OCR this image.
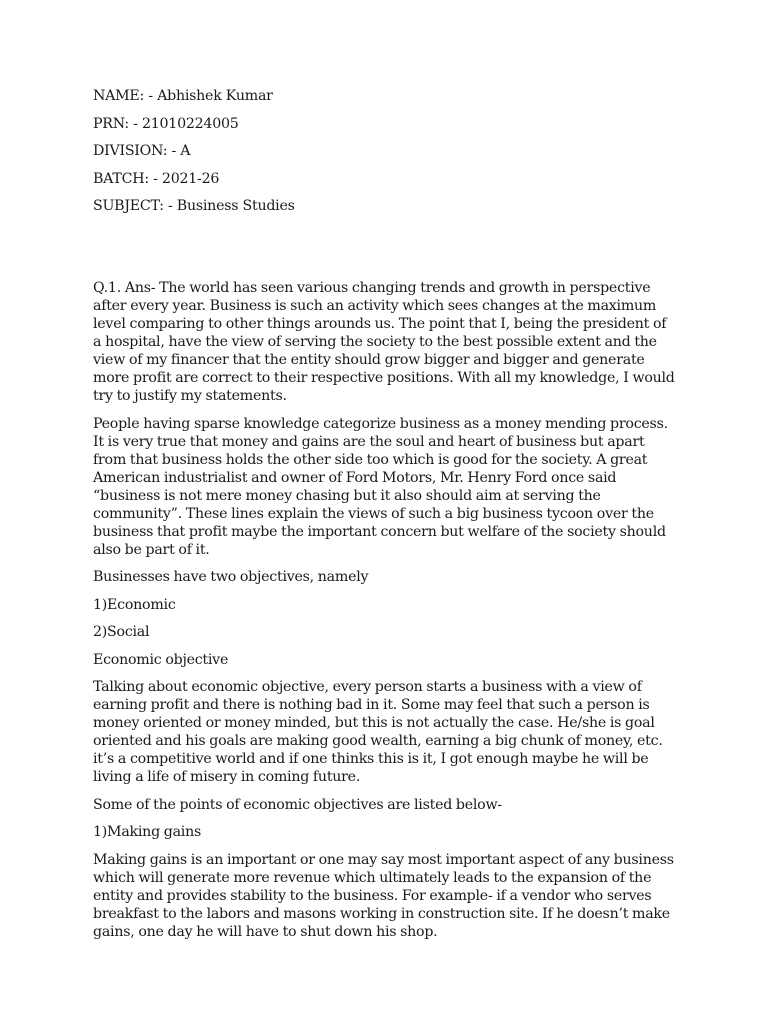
NAME: - Abhishek Kumar
PRN: - 21010224005
DIVISION: - A
BATCH: - 2021-26
SUBJECT: - Business Studies

Q.1. Ans- The world has seen various changing trends and growth in perspective after every year. Business is such an activity which sees changes at the maximum level comparing to other things arounds us. The point that I, being the president of a hospital, have the view of serving the society to the best possible extent and the view of my financer that the entity should grow bigger and bigger and generate more profit are correct to their respective positions. With all my knowledge, I would try to justify my statements.

People having sparse knowledge categorize business as a money mending process. It is very true that money and gains are the soul and heart of business but apart from that business holds the other side too which is good for the society. A great American industrialist and owner of Ford Motors, Mr. Henry Ford once said “business is not mere money chasing but it also should aim at serving the community”. These lines explain the views of such a big business tycoon over the business that profit maybe the important concern but welfare of the society should also be part of it.

Businesses have two objectives, namely

1)Economic

2)Social

Economic objective

Talking about economic objective, every person starts a business with a view of earning profit and there is nothing bad in it. Some may feel that such a person is money oriented or money minded, but this is not actually the case. He/she is goal oriented and his goals are making good wealth, earning a big chunk of money, etc. it’s a competitive world and if one thinks this is it, I got enough maybe he will be living a life of misery in coming future.

Some of the points of economic objectives are listed below-

1)Making gains

Making gains is an important or one may say most important aspect of any business which will generate more revenue which ultimately leads to the expansion of the entity and provides stability to the business. For example- if a vendor who serves breakfast to the labors and masons working in construction site. If he doesn’t make gains, one day he will have to shut down his shop.
